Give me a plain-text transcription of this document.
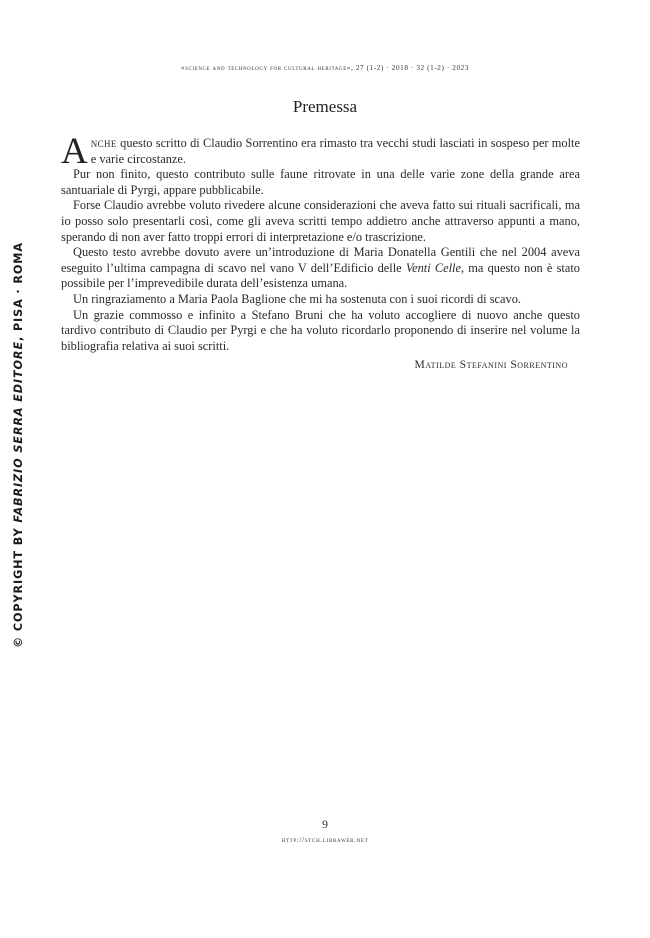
«science and technology for cultural heritage», 27 (1-2) · 2018 · 32 (1-2) · 2023
Premessa

Anche questo scritto di Claudio Sorrentino era rimasto tra vecchi studi lasciati in sospeso per molte e varie circostanze.

Pur non finito, questo contributo sulle faune ritrovate in una delle varie zone della grande area santuariale di Pyrgi, appare pubblicabile.

Forse Claudio avrebbe voluto rivedere alcune considerazioni che aveva fatto sui rituali sacrificali, ma io posso solo presentarli così, come gli aveva scritti tempo addietro anche attraverso appunti a mano, sperando di non aver fatto troppi errori di interpretazione e/o trascrizione.

Questo testo avrebbe dovuto avere un’introduzione di Maria Donatella Gentili che nel 2004 aveva eseguito l’ultima campagna di scavo nel vano V dell’Edificio delle Venti Celle, ma questo non è stato possibile per l’imprevedibile durata dell’esistenza umana.

Un ringraziamento a Maria Paola Baglione che mi ha sostenuta con i suoi ricordi di scavo.

Un grazie commosso e infinito a Stefano Bruni che ha voluto accogliere di nuovo anche questo tardivo contributo di Claudio per Pyrgi e che ha voluto ricordarlo proponendo di inserire nel volume la bibliografia relativa ai suoi scritti.

Matilde Stefanini Sorrentino
9
http://stch.libraweb.net
© COPYRIGHT BY FABRIZIO SERRA EDITORE, PISA · ROMA
